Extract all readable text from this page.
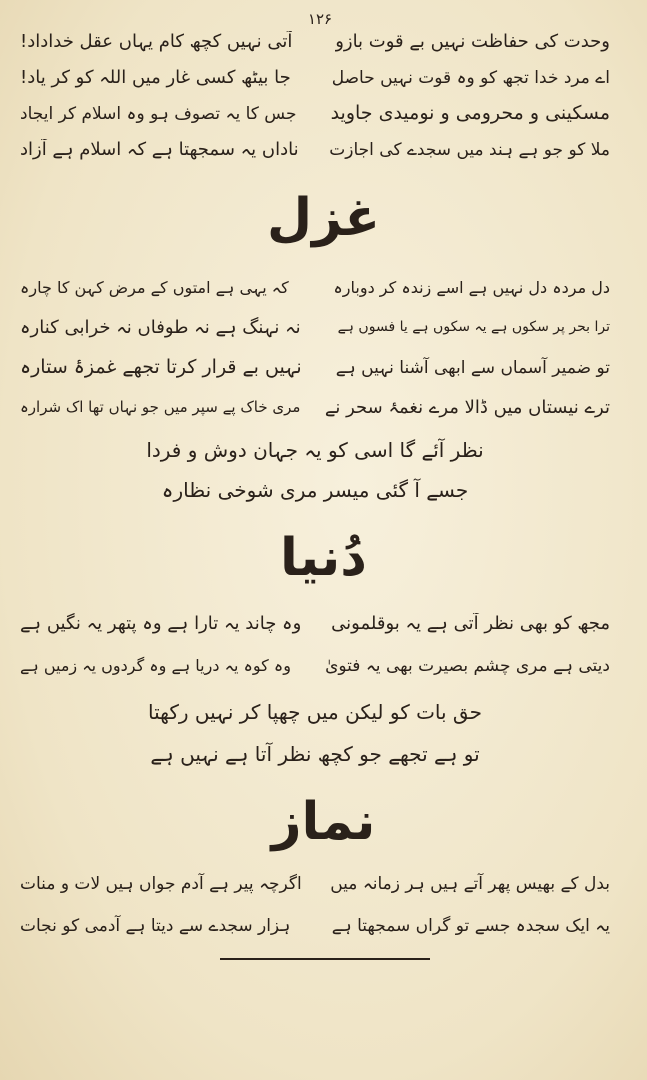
۱۲۶
وحدت کی حفاظت نہیں بے قوت بازو
آتی نہیں کچھ کام یہاں عقل خداداد!
اے مرد خدا تجھ کو وہ قوت نہیں حاصل
جا بیٹھ کسی غار میں اللہ کو کر یاد!
مسکینی و محرومی و نومیدی جاوید
جس کا یہ تصوف ہو وہ اسلام کر ایجاد
ملا کو جو ہے ہند میں سجدے کی اجازت
ناداں یہ سمجھتا ہے کہ اسلام ہے آزاد
غزل
دل مردہ دل نہیں ہے اسے زندہ کر دوبارہ
کہ یہی ہے امتوں کے مرض کہن کا چارہ
ترا بحر پر سکوں ہے یہ سکوں ہے یا فسوں ہے
نہ نہنگ ہے نہ طوفاں نہ خرابی کنارہ
تو ضمیر آسماں سے ابھی آشنا نہیں ہے
نہیں بے قرار کرتا تجھے غمزۂ ستارہ
ترے نیستاں میں ڈالا مرے نغمۂ سحر نے
مری خاک پے سپر میں جو نہاں تھا اک شرارہ
نظر آئے گا اسی کو یہ جہان دوش و فردا
جسے آ گئی میسر مری شوخی نظارہ
دُنیا
مجھ کو بھی نظر آتی ہے یہ بوقلمونی
وہ چاند یہ تارا ہے وہ پتھر یہ نگیں ہے
دیتی ہے مری چشم بصیرت بھی یہ فتویٰ
وہ کوہ یہ دریا ہے وہ گردوں یہ زمیں ہے
حق بات کو لیکن میں چھپا کر نہیں رکھتا
تو ہے تجھے جو کچھ نظر آتا ہے نہیں ہے
نماز
بدل کے بھیس پھر آتے ہیں ہر زمانہ میں
اگرچہ پیر ہے آدم جواں ہیں لات و منات
یہ ایک سجدہ جسے تو گراں سمجھتا ہے
ہزار سجدے سے دیتا ہے آدمی کو نجات
